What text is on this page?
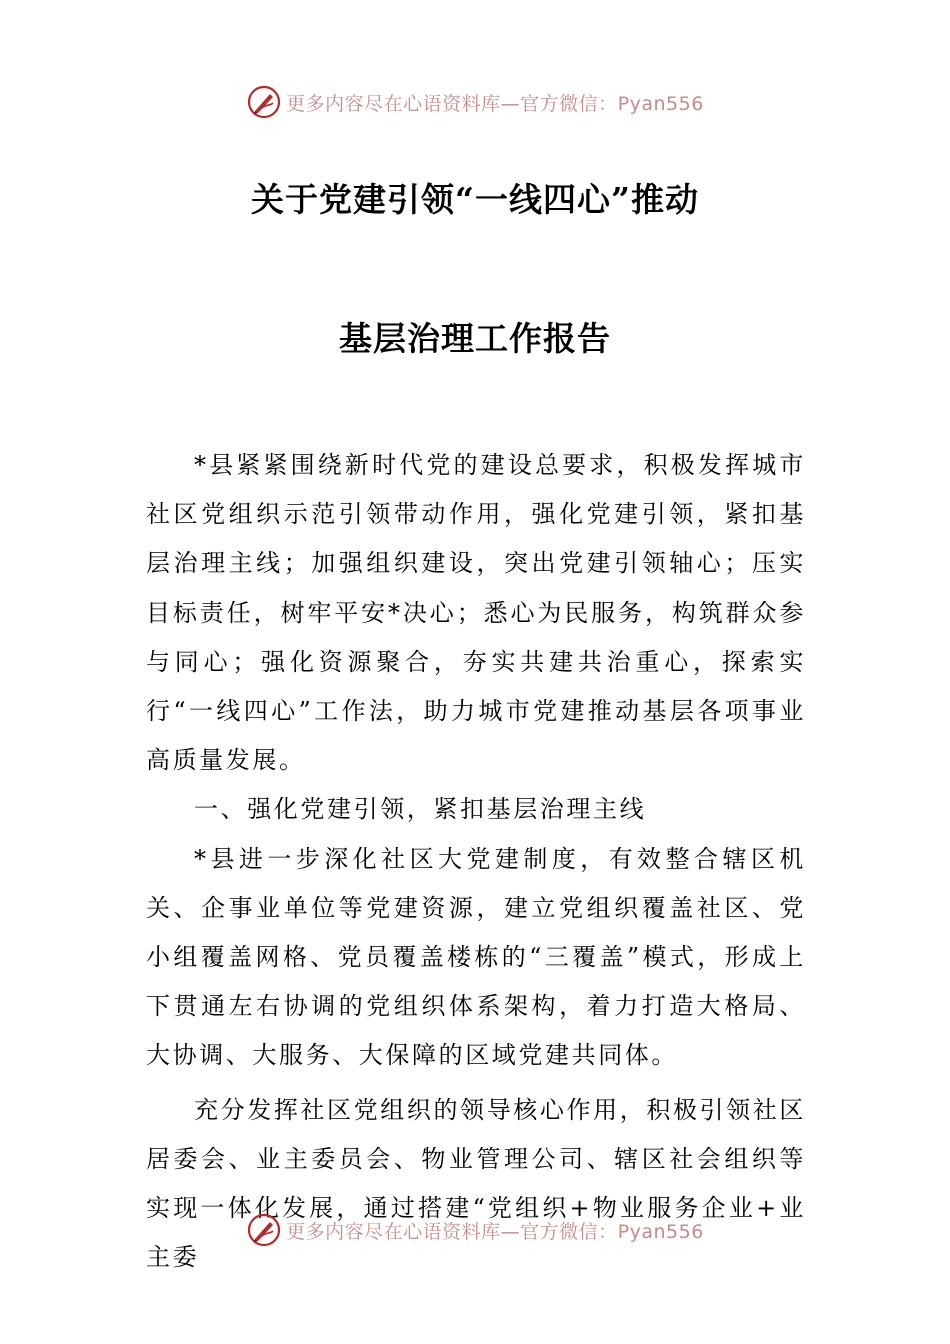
更多内容尽在心语资料库—官方微信：Pyan556
关于党建引领“一线四心”推动
基层治理工作报告

*县紧紧围绕新时代党的建设总要求，积极发挥城市社区党组织示范引领带动作用，强化党建引领，紧扣基层治理主线；加强组织建设，突出党建引领轴心；压实目标责任，树牢平安*决心；悉心为民服务，构筑群众参与同心；强化资源聚合，夯实共建共治重心，探索实行“一线四心”工作法，助力城市党建推动基层各项事业高质量发展。

一、强化党建引领，紧扣基层治理主线

*县进一步深化社区大党建制度，有效整合辖区机关、企事业单位等党建资源，建立党组织覆盖社区、党小组覆盖网格、党员覆盖楼栋的“三覆盖”模式，形成上下贯通左右协调的党组织体系架构，着力打造大格局、大协调、大服务、大保障的区域党建共同体。

充分发挥社区党组织的领导核心作用，积极引领社区居委会、业主委员会、物业管理公司、辖区社会组织等实现一体化发展，通过搭建“党组织+物业服务企业+业主委

更多内容尽在心语资料库—官方微信：Pyan556
